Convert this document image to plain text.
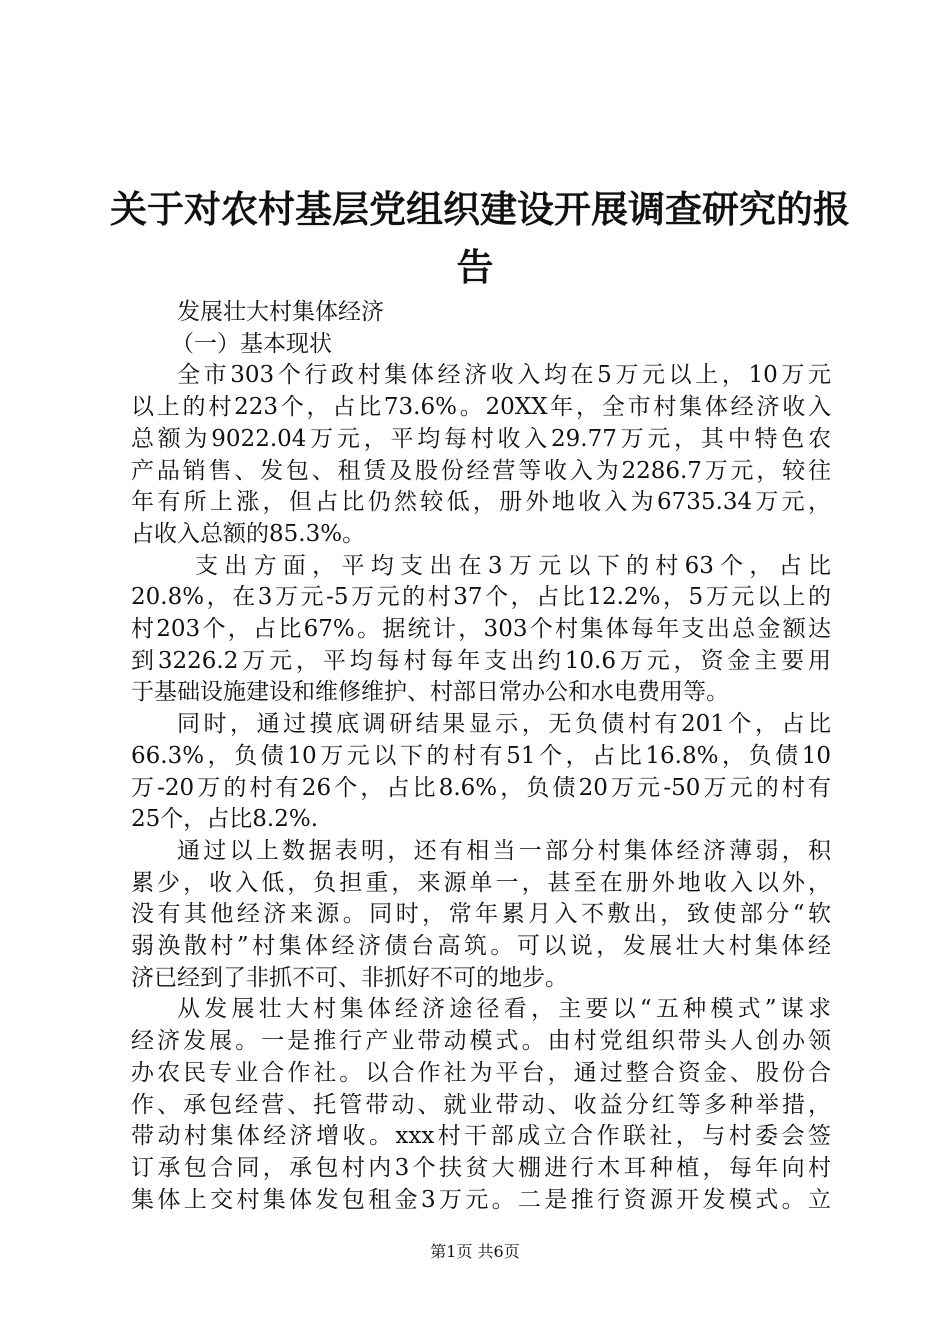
关于对农村基层党组织建设开展调查研究的报
告
发展壮大村集体经济
（一）基本现状
全市303个行政村集体经济收入均在5万元以上，10万元
以上的村223个，占比73.6%。20XX年，全市村集体经济收入
总额为9022.04万元，平均每村收入29.77万元，其中特色农
产品销售、发包、租赁及股份经营等收入为2286.7万元，较往
年有所上涨，但占比仍然较低，册外地收入为6735.34万元，
占收入总额的85.3%。
支出方面，平均支出在3万元以下的村63个，占比
20.8%，在3万元-5万元的村37个，占比12.2%，5万元以上的
村203个，占比67%。据统计，303个村集体每年支出总金额达
到3226.2万元，平均每村每年支出约10.6万元，资金主要用
于基础设施建设和维修维护、村部日常办公和水电费用等。
同时，通过摸底调研结果显示，无负债村有201个，占比
66.3%，负债10万元以下的村有51个，占比16.8%，负债10
万-20万的村有26个，占比8.6%，负债20万元-50万元的村有
25个，占比8.2%.
通过以上数据表明，还有相当一部分村集体经济薄弱，积
累少，收入低，负担重，来源单一，甚至在册外地收入以外，
没有其他经济来源。同时，常年累月入不敷出，致使部分“软
弱涣散村”村集体经济债台高筑。可以说，发展壮大村集体经
济已经到了非抓不可、非抓好不可的地步。
从发展壮大村集体经济途径看，主要以“五种模式”谋求
经济发展。一是推行产业带动模式。由村党组织带头人创办领
办农民专业合作社。以合作社为平台，通过整合资金、股份合
作、承包经营、托管带动、就业带动、收益分红等多种举措，
带动村集体经济增收。xxx村干部成立合作联社，与村委会签
订承包合同，承包村内3个扶贫大棚进行木耳种植，每年向村
集体上交村集体发包租金3万元。二是推行资源开发模式。立
第1页 共6页
